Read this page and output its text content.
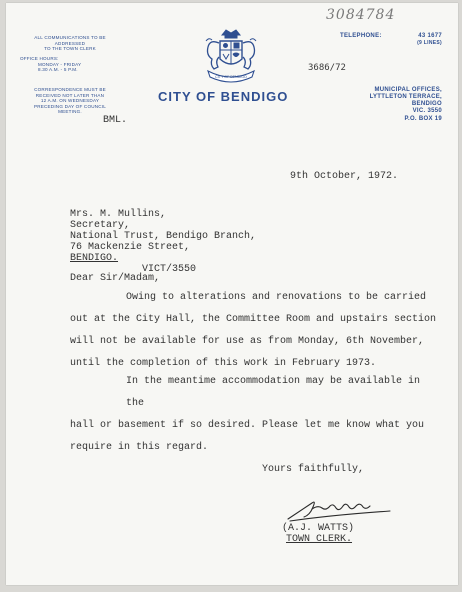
3084784
ALL COMMUNICATIONS TO BE ADDRESSED
TO THE TOWN CLERK
OFFICE HOURS:
MONDAY - FRIDAY
8.30 A.M. - 5 P.M.
CORRESPONDENCE MUST BE
RECEIVED NOT LATER THAN
12 A.M. ON WEDNESDAY
PRECEDING DAY OF COUNCIL
MEETING.
CITY OF BENDIGO
CITY OF BENDIGO
3686/72
TELEPHONE:	43 1677
(9 LINES)
MUNICIPAL OFFICES,
LYTTLETON TERRACE,
BENDIGO
VIC. 3550
P.O. BOX 19
BML.
9th October, 1972.
Mrs. M. Mullins,
Secretary,
National Trust, Bendigo Branch,
76 Mackenzie Street,
BENDIGO.
VICT/3550
Dear Sir/Madam,
Owing to alterations and renovations to be carried
out at the City Hall, the Committee Room and upstairs section
will not be available for use as from Monday, 6th November,
until the completion of this work in February 1973.
In the meantime accommodation may be available in the
hall or basement if so desired. Please let me know what you
require in this regard.
Yours faithfully,
(A.J. WATTS)
TOWN CLERK.
